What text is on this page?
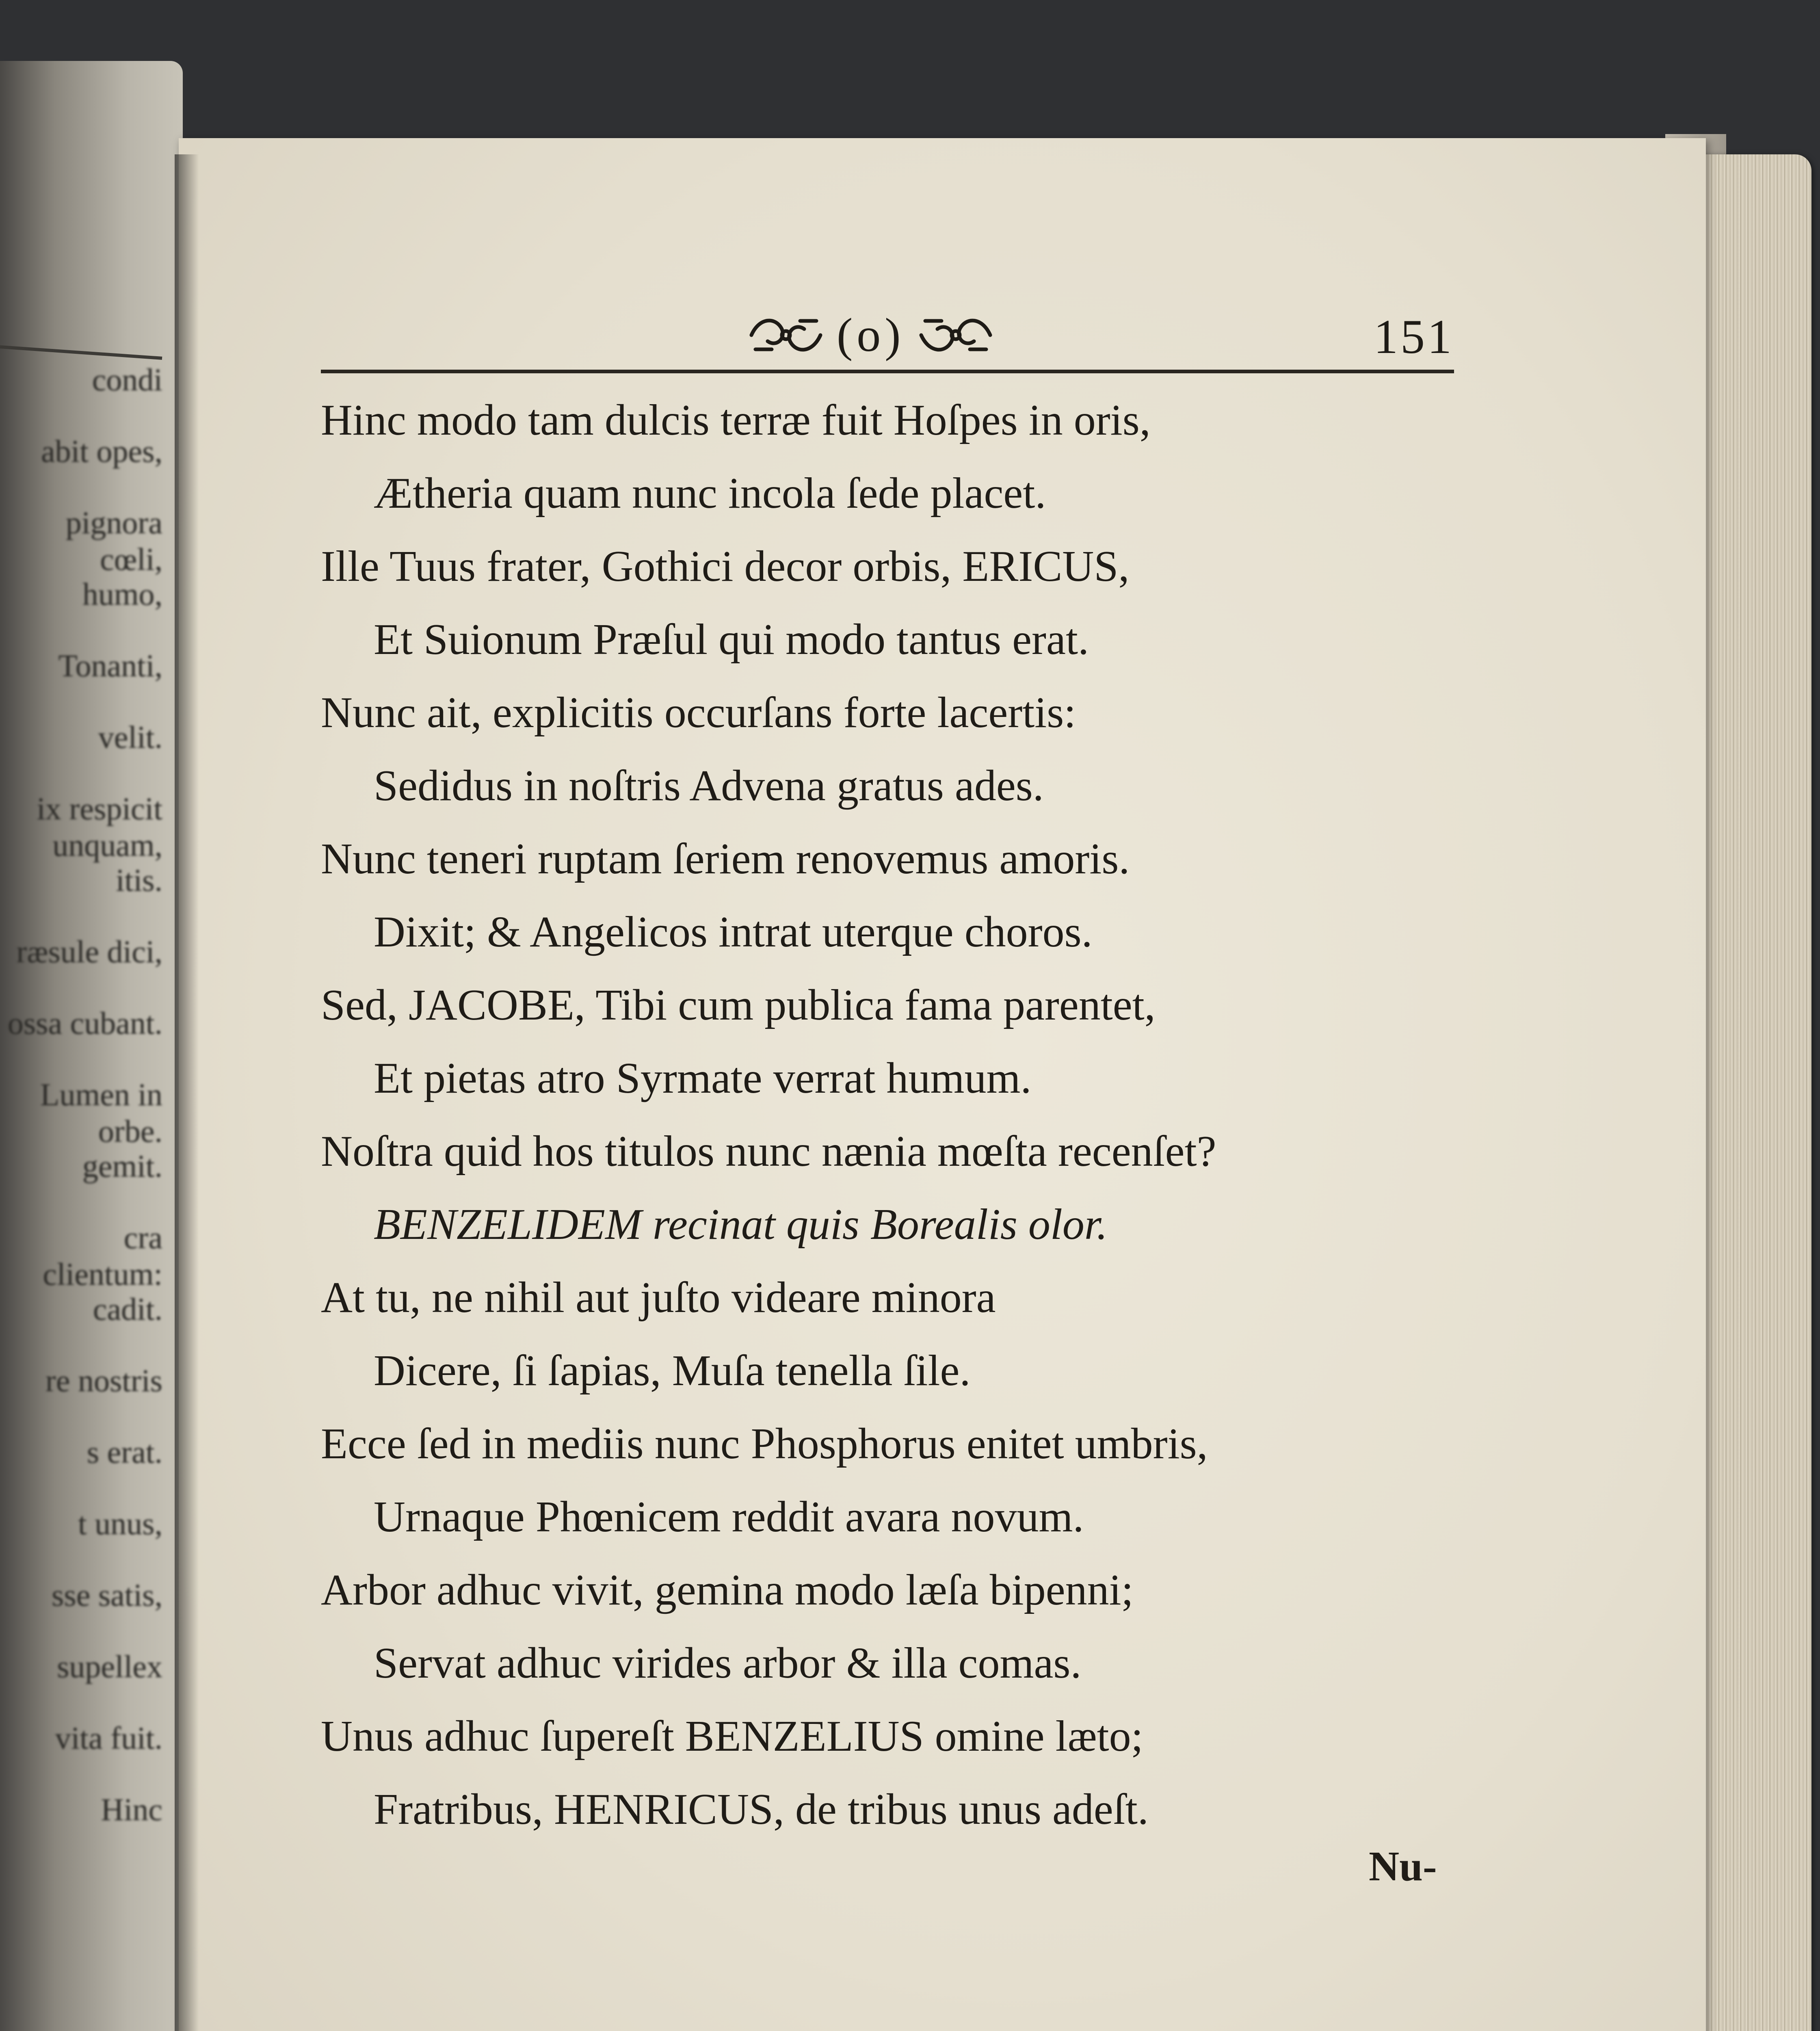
condi
abit opes,
pignora cœli,
humo,
Tonanti,
velit.
ix respicit unquam,
itis.
ræsule dici,
ossa cubant.
Lumen in orbe.
gemit.
cra clientum:
cadit.
re nostris
s erat.
t unus,
sse satis,
supellex
vita fuit.
Hinc
(o)	151
Hinc modo tam dulcis terræ fuit Hoſpes in oris,
Ætheria quam nunc incola ſede placet.
Ille Tuus frater, Gothici decor orbis, ERICUS,
Et Suionum Præſul qui modo tantus erat.
Nunc ait, explicitis occurſans forte lacertis:
Sedidus in noſtris Advena gratus ades.
Nunc teneri ruptam ſeriem renovemus amoris.
Dixit; & Angelicos intrat uterque choros.
Sed, JACOBE, Tibi cum publica fama parentet,
Et pietas atro Syrmate verrat humum.
Noſtra quid hos titulos nunc nænia mœſta recenſet?
BENZELIDEM recinat quis Borealis olor.
At tu, ne nihil aut juſto videare minora
Dicere, ſi ſapias, Muſa tenella ſile.
Ecce ſed in mediis nunc Phosphorus enitet umbris,
Urnaque Phœnicem reddit avara novum.
Arbor adhuc vivit, gemina modo læſa bipenni;
Servat adhuc virides arbor & illa comas.
Unus adhuc ſupereſt BENZELIUS omine læto;
Fratribus, HENRICUS, de tribus unus adeſt.
Nu-
